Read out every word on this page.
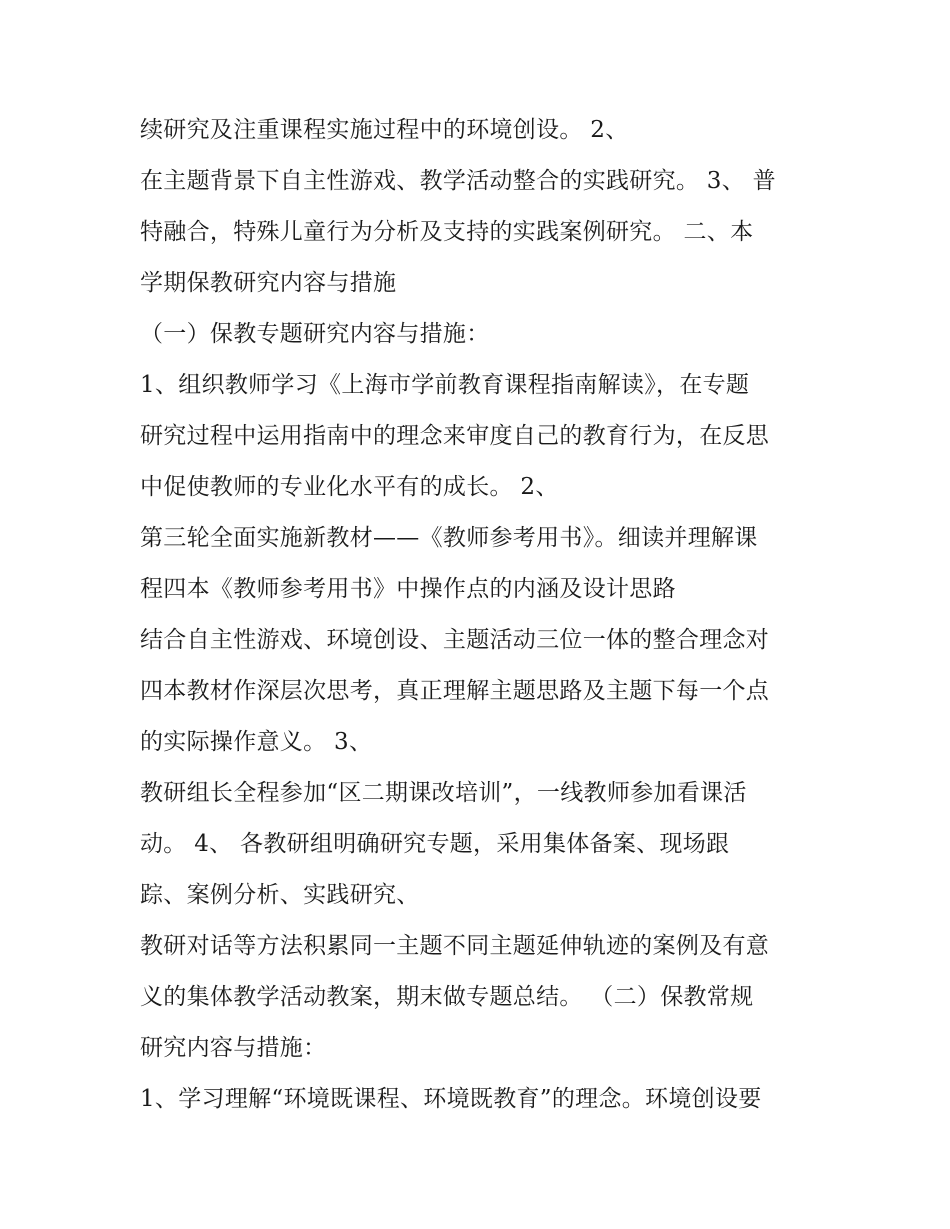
续研究及注重课程实施过程中的环境创设。 2、
在主题背景下自主性游戏、教学活动整合的实践研究。 3、 普
特融合，特殊儿童行为分析及支持的实践案例研究。 二、本
学期保教研究内容与措施
（一）保教专题研究内容与措施：
1、组织教师学习《上海市学前教育课程指南解读》，在专题
研究过程中运用指南中的理念来审度自己的教育行为，在反思
中促使教师的专业化水平有的成长。 2、
第三轮全面实施新教材——《教师参考用书》。细读并理解课
程四本《教师参考用书》中操作点的内涵及设计思路
结合自主性游戏、环境创设、主题活动三位一体的整合理念对
四本教材作深层次思考，真正理解主题思路及主题下每一个点
的实际操作意义。 3、
教研组长全程参加“区二期课改培训”，一线教师参加看课活
动。 4、 各教研组明确研究专题，采用集体备案、现场跟
踪、案例分析、实践研究、
教研对话等方法积累同一主题不同主题延伸轨迹的案例及有意
义的集体教学活动教案，期末做专题总结。 （二）保教常规
研究内容与措施：
1、学习理解“环境既课程、环境既教育”的理念。环境创设要
